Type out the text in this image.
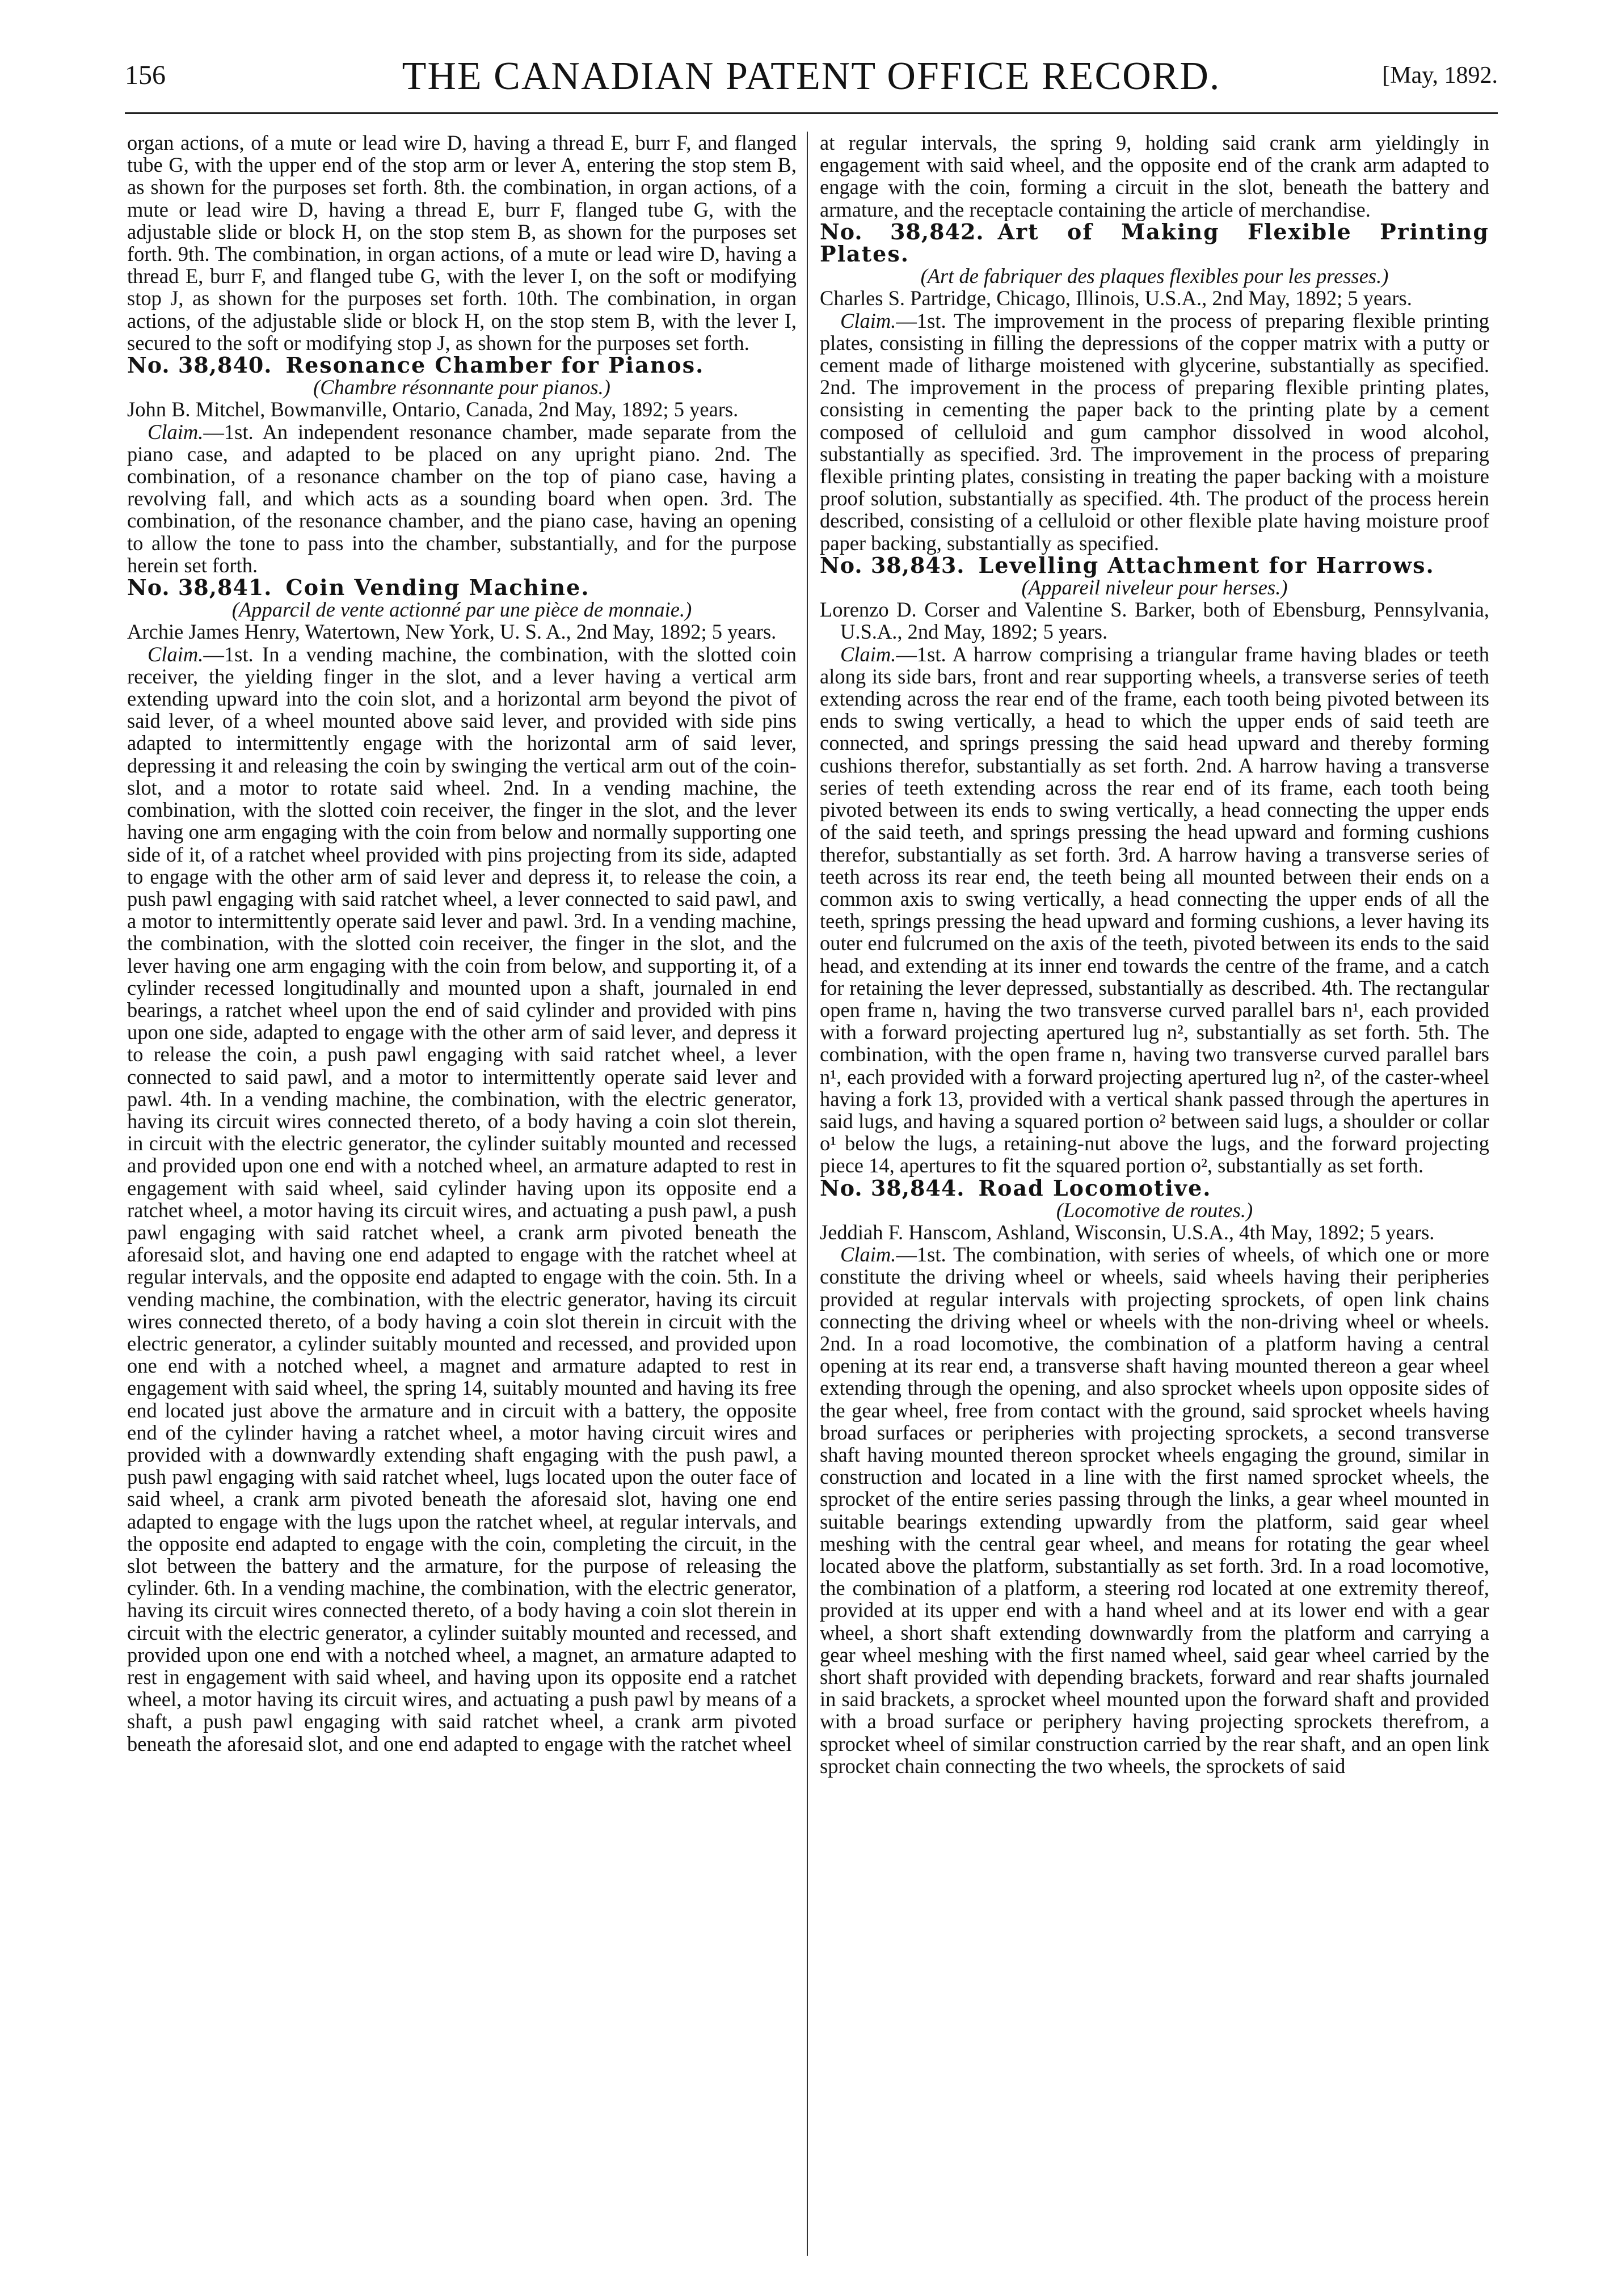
156	THE CANADIAN PATENT OFFICE RECORD.	[May, 1892.

organ actions, of a mute or lead wire D, having a thread E, burr F, and flanged tube G, with the upper end of the stop arm or lever A, entering the stop stem B, as shown for the purposes set forth. 8th. the combination, in organ actions, of a mute or lead wire D, having a thread E, burr F, flanged tube G, with the adjustable slide or block H, on the stop stem B, as shown for the purposes set forth. 9th. The combination, in organ actions, of a mute or lead wire D, having a thread E, burr F, and flanged tube G, with the lever I, on the soft or modifying stop J, as shown for the purposes set forth. 10th. The combination, in organ actions, of the adjustable slide or block H, on the stop stem B, with the lever I, secured to the soft or modifying stop J, as shown for the purposes set forth.

No. 38,840. Resonance Chamber for Pianos.

(Chambre résonnante pour pianos.)

John B. Mitchel, Bowmanville, Ontario, Canada, 2nd May, 1892; 5 years.

Claim.—1st. An independent resonance chamber, made separate from the piano case, and adapted to be placed on any upright piano. 2nd. The combination, of a resonance chamber on the top of piano case, having a revolving fall, and which acts as a sounding board when open. 3rd. The combination, of the resonance chamber, and the piano case, having an opening to allow the tone to pass into the chamber, substantially, and for the purpose herein set forth.

No. 38,841. Coin Vending Machine.

(Apparcil de vente actionné par une pièce de monnaie.)

Archie James Henry, Watertown, New York, U. S. A., 2nd May, 1892; 5 years.

Claim.—1st. In a vending machine, the combination, with the slotted coin receiver, the yielding finger in the slot, and a lever having a vertical arm extending upward into the coin slot, and a horizontal arm beyond the pivot of said lever, of a wheel mounted above said lever, and provided with side pins adapted to intermittently engage with the horizontal arm of said lever, depressing it and releasing the coin by swinging the vertical arm out of the coin-slot, and a motor to rotate said wheel. 2nd. In a vending machine, the combination, with the slotted coin receiver, the finger in the slot, and the lever having one arm engaging with the coin from below and normally supporting one side of it, of a ratchet wheel provided with pins projecting from its side, adapted to engage with the other arm of said lever and depress it, to release the coin, a push pawl engaging with said ratchet wheel, a lever connected to said pawl, and a motor to intermittently operate said lever and pawl. 3rd. In a vending machine, the combination, with the slotted coin receiver, the finger in the slot, and the lever having one arm engaging with the coin from below, and supporting it, of a cylinder recessed longitudinally and mounted upon a shaft, journaled in end bearings, a ratchet wheel upon the end of said cylinder and provided with pins upon one side, adapted to engage with the other arm of said lever, and depress it to release the coin, a push pawl engaging with said ratchet wheel, a lever connected to said pawl, and a motor to intermittently operate said lever and pawl. 4th. In a vending machine, the combination, with the electric generator, having its circuit wires connected thereto, of a body having a coin slot therein, in circuit with the electric generator, the cylinder suitably mounted and recessed and provided upon one end with a notched wheel, an armature adapted to rest in engagement with said wheel, said cylinder having upon its opposite end a ratchet wheel, a motor having its circuit wires, and actuating a push pawl, a push pawl engaging with said ratchet wheel, a crank arm pivoted beneath the aforesaid slot, and having one end adapted to engage with the ratchet wheel at regular intervals, and the opposite end adapted to engage with the coin. 5th. In a vending machine, the combination, with the electric generator, having its circuit wires connected thereto, of a body having a coin slot therein in circuit with the electric generator, a cylinder suitably mounted and recessed, and provided upon one end with a notched wheel, a magnet and armature adapted to rest in engagement with said wheel, the spring 14, suitably mounted and having its free end located just above the armature and in circuit with a battery, the opposite end of the cylinder having a ratchet wheel, a motor having circuit wires and provided with a downwardly extending shaft engaging with the push pawl, a push pawl engaging with said ratchet wheel, lugs located upon the outer face of said wheel, a crank arm pivoted beneath the aforesaid slot, having one end adapted to engage with the lugs upon the ratchet wheel, at regular intervals, and the opposite end adapted to engage with the coin, completing the circuit, in the slot between the battery and the armature, for the purpose of releasing the cylinder. 6th. In a vending machine, the combination, with the electric generator, having its circuit wires connected thereto, of a body having a coin slot therein in circuit with the electric generator, a cylinder suitably mounted and recessed, and provided upon one end with a notched wheel, a magnet, an armature adapted to rest in engagement with said wheel, and having upon its opposite end a ratchet wheel, a motor having its circuit wires, and actuating a push pawl by means of a shaft, a push pawl engaging with said ratchet wheel, a crank arm pivoted beneath the aforesaid slot, and one end adapted to engage with the ratchet wheel

at regular intervals, the spring 9, holding said crank arm yieldingly in engagement with said wheel, and the opposite end of the crank arm adapted to engage with the coin, forming a circuit in the slot, beneath the battery and armature, and the receptacle containing the article of merchandise.

No. 38,842. Art of Making Flexible Printing Plates.

(Art de fabriquer des plaques flexibles pour les presses.)

Charles S. Partridge, Chicago, Illinois, U.S.A., 2nd May, 1892; 5 years.

Claim.—1st. The improvement in the process of preparing flexible printing plates, consisting in filling the depressions of the copper matrix with a putty or cement made of litharge moistened with glycerine, substantially as specified. 2nd. The improvement in the process of preparing flexible printing plates, consisting in cementing the paper back to the printing plate by a cement composed of celluloid and gum camphor dissolved in wood alcohol, substantially as specified. 3rd. The improvement in the process of preparing flexible printing plates, consisting in treating the paper backing with a moisture proof solution, substantially as specified. 4th. The product of the process herein described, consisting of a celluloid or other flexible plate having moisture proof paper backing, substantially as specified.

No. 38,843. Levelling Attachment for Harrows.

(Appareil niveleur pour herses.)

Lorenzo D. Corser and Valentine S. Barker, both of Ebensburg, Pennsylvania, U.S.A., 2nd May, 1892; 5 years.

Claim.—1st. A harrow comprising a triangular frame having blades or teeth along its side bars, front and rear supporting wheels, a transverse series of teeth extending across the rear end of the frame, each tooth being pivoted between its ends to swing vertically, a head to which the upper ends of said teeth are connected, and springs pressing the said head upward and thereby forming cushions therefor, substantially as set forth. 2nd. A harrow having a transverse series of teeth extending across the rear end of its frame, each tooth being pivoted between its ends to swing vertically, a head connecting the upper ends of the said teeth, and springs pressing the head upward and forming cushions therefor, substantially as set forth. 3rd. A harrow having a transverse series of teeth across its rear end, the teeth being all mounted between their ends on a common axis to swing vertically, a head connecting the upper ends of all the teeth, springs pressing the head upward and forming cushions, a lever having its outer end fulcrumed on the axis of the teeth, pivoted between its ends to the said head, and extending at its inner end towards the centre of the frame, and a catch for retaining the lever depressed, substantially as described. 4th. The rectangular open frame n, having the two transverse curved parallel bars n¹, each provided with a forward projecting apertured lug n², substantially as set forth. 5th. The combination, with the open frame n, having two transverse curved parallel bars n¹, each provided with a forward projecting apertured lug n², of the caster-wheel having a fork 13, provided with a vertical shank passed through the apertures in said lugs, and having a squared portion o² between said lugs, a shoulder or collar o¹ below the lugs, a retaining-nut above the lugs, and the forward projecting piece 14, apertures to fit the squared portion o², substantially as set forth.

No. 38,844. Road Locomotive.

(Locomotive de routes.)

Jeddiah F. Hanscom, Ashland, Wisconsin, U.S.A., 4th May, 1892; 5 years.

Claim.—1st. The combination, with series of wheels, of which one or more constitute the driving wheel or wheels, said wheels having their peripheries provided at regular intervals with projecting sprockets, of open link chains connecting the driving wheel or wheels with the non-driving wheel or wheels. 2nd. In a road locomotive, the combination of a platform having a central opening at its rear end, a transverse shaft having mounted thereon a gear wheel extending through the opening, and also sprocket wheels upon opposite sides of the gear wheel, free from contact with the ground, said sprocket wheels having broad surfaces or peripheries with projecting sprockets, a second transverse shaft having mounted thereon sprocket wheels engaging the ground, similar in construction and located in a line with the first named sprocket wheels, the sprocket of the entire series passing through the links, a gear wheel mounted in suitable bearings extending upwardly from the platform, said gear wheel meshing with the central gear wheel, and means for rotating the gear wheel located above the platform, substantially as set forth. 3rd. In a road locomotive, the combination of a platform, a steering rod located at one extremity thereof, provided at its upper end with a hand wheel and at its lower end with a gear wheel, a short shaft extending downwardly from the platform and carrying a gear wheel meshing with the first named wheel, said gear wheel carried by the short shaft provided with depending brackets, forward and rear shafts journaled in said brackets, a sprocket wheel mounted upon the forward shaft and provided with a broad surface or periphery having projecting sprockets therefrom, a sprocket wheel of similar construction carried by the rear shaft, and an open link sprocket chain connecting the two wheels, the sprockets of said
